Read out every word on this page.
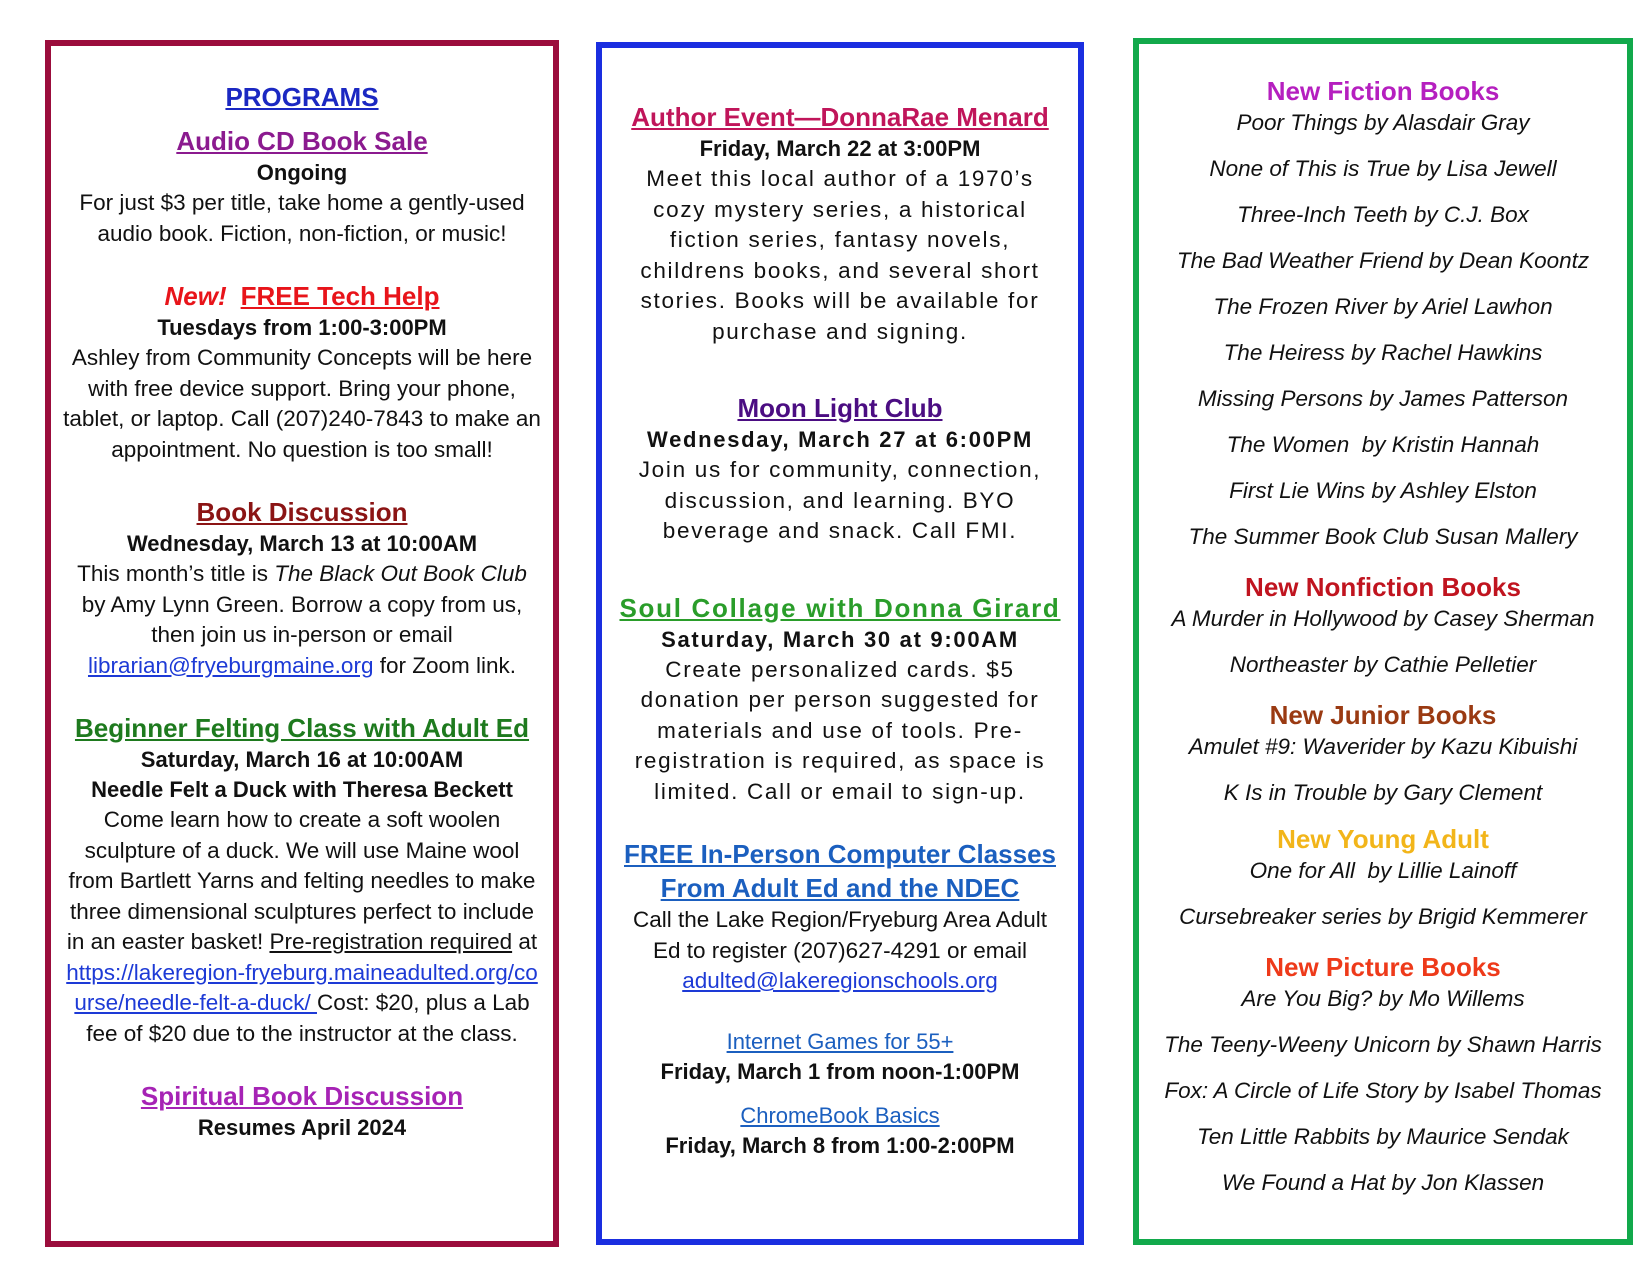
PROGRAMS
Audio CD Book Sale
Ongoing
For just $3 per title, take home a gently-used audio book. Fiction, non-fiction, or music!
New! FREE Tech Help
Tuesdays from 1:00-3:00PM
Ashley from Community Concepts will be here with free device support. Bring your phone, tablet, or laptop. Call (207)240-7843 to make an appointment. No question is too small!
Book Discussion
Wednesday, March 13 at 10:00AM
This month’s title is The Black Out Book Club by Amy Lynn Green. Borrow a copy from us, then join us in-person or email librarian@fryeburgmaine.org for Zoom link.
Beginner Felting Class with Adult Ed
Saturday, March 16 at 10:00AM
Needle Felt a Duck with Theresa Beckett
Come learn how to create a soft woolen sculpture of a duck. We will use Maine wool from Bartlett Yarns and felting needles to make three dimensional sculptures perfect to include in an easter basket! Pre-registration required at https://lakeregion-fryeburg.maineadulted.org/course/needle-felt-a-duck/ Cost: $20, plus a Lab fee of $20 due to the instructor at the class.
Spiritual Book Discussion
Resumes April 2024
Author Event—DonnaRae Menard
Friday, March 22 at 3:00PM
Meet this local author of a 1970’s cozy mystery series, a historical fiction series, fantasy novels, childrens books, and several short stories. Books will be available for purchase and signing.
Moon Light Club
Wednesday, March 27 at 6:00PM
Join us for community, connection, discussion, and learning. BYO beverage and snack. Call FMI.
Soul Collage with Donna Girard
Saturday, March 30 at 9:00AM
Create personalized cards. $5 donation per person suggested for materials and use of tools. Pre-registration is required, as space is limited. Call or email to sign-up.
FREE In-Person Computer Classes
From Adult Ed and the NDEC
Call the Lake Region/Fryeburg Area Adult Ed to register (207)627-4291 or email
adulted@lakeregionschools.org
Internet Games for 55+
Friday, March 1 from noon-1:00PM
ChromeBook Basics
Friday, March 8 from 1:00-2:00PM
New Fiction Books
Poor Things by Alasdair Gray
None of This is True by Lisa Jewell
Three-Inch Teeth by C.J. Box
The Bad Weather Friend by Dean Koontz
The Frozen River by Ariel Lawhon
The Heiress by Rachel Hawkins
Missing Persons by James Patterson
The Women  by Kristin Hannah
First Lie Wins by Ashley Elston
The Summer Book Club Susan Mallery
New Nonfiction Books
A Murder in Hollywood by Casey Sherman
Northeaster by Cathie Pelletier
New Junior Books
Amulet #9: Waverider by Kazu Kibuishi
K Is in Trouble by Gary Clement
New Young Adult
One for All  by Lillie Lainoff
Cursebreaker series by Brigid Kemmerer
New Picture Books
Are You Big? by Mo Willems
The Teeny-Weeny Unicorn by Shawn Harris
Fox: A Circle of Life Story by Isabel Thomas
Ten Little Rabbits by Maurice Sendak
We Found a Hat by Jon Klassen
